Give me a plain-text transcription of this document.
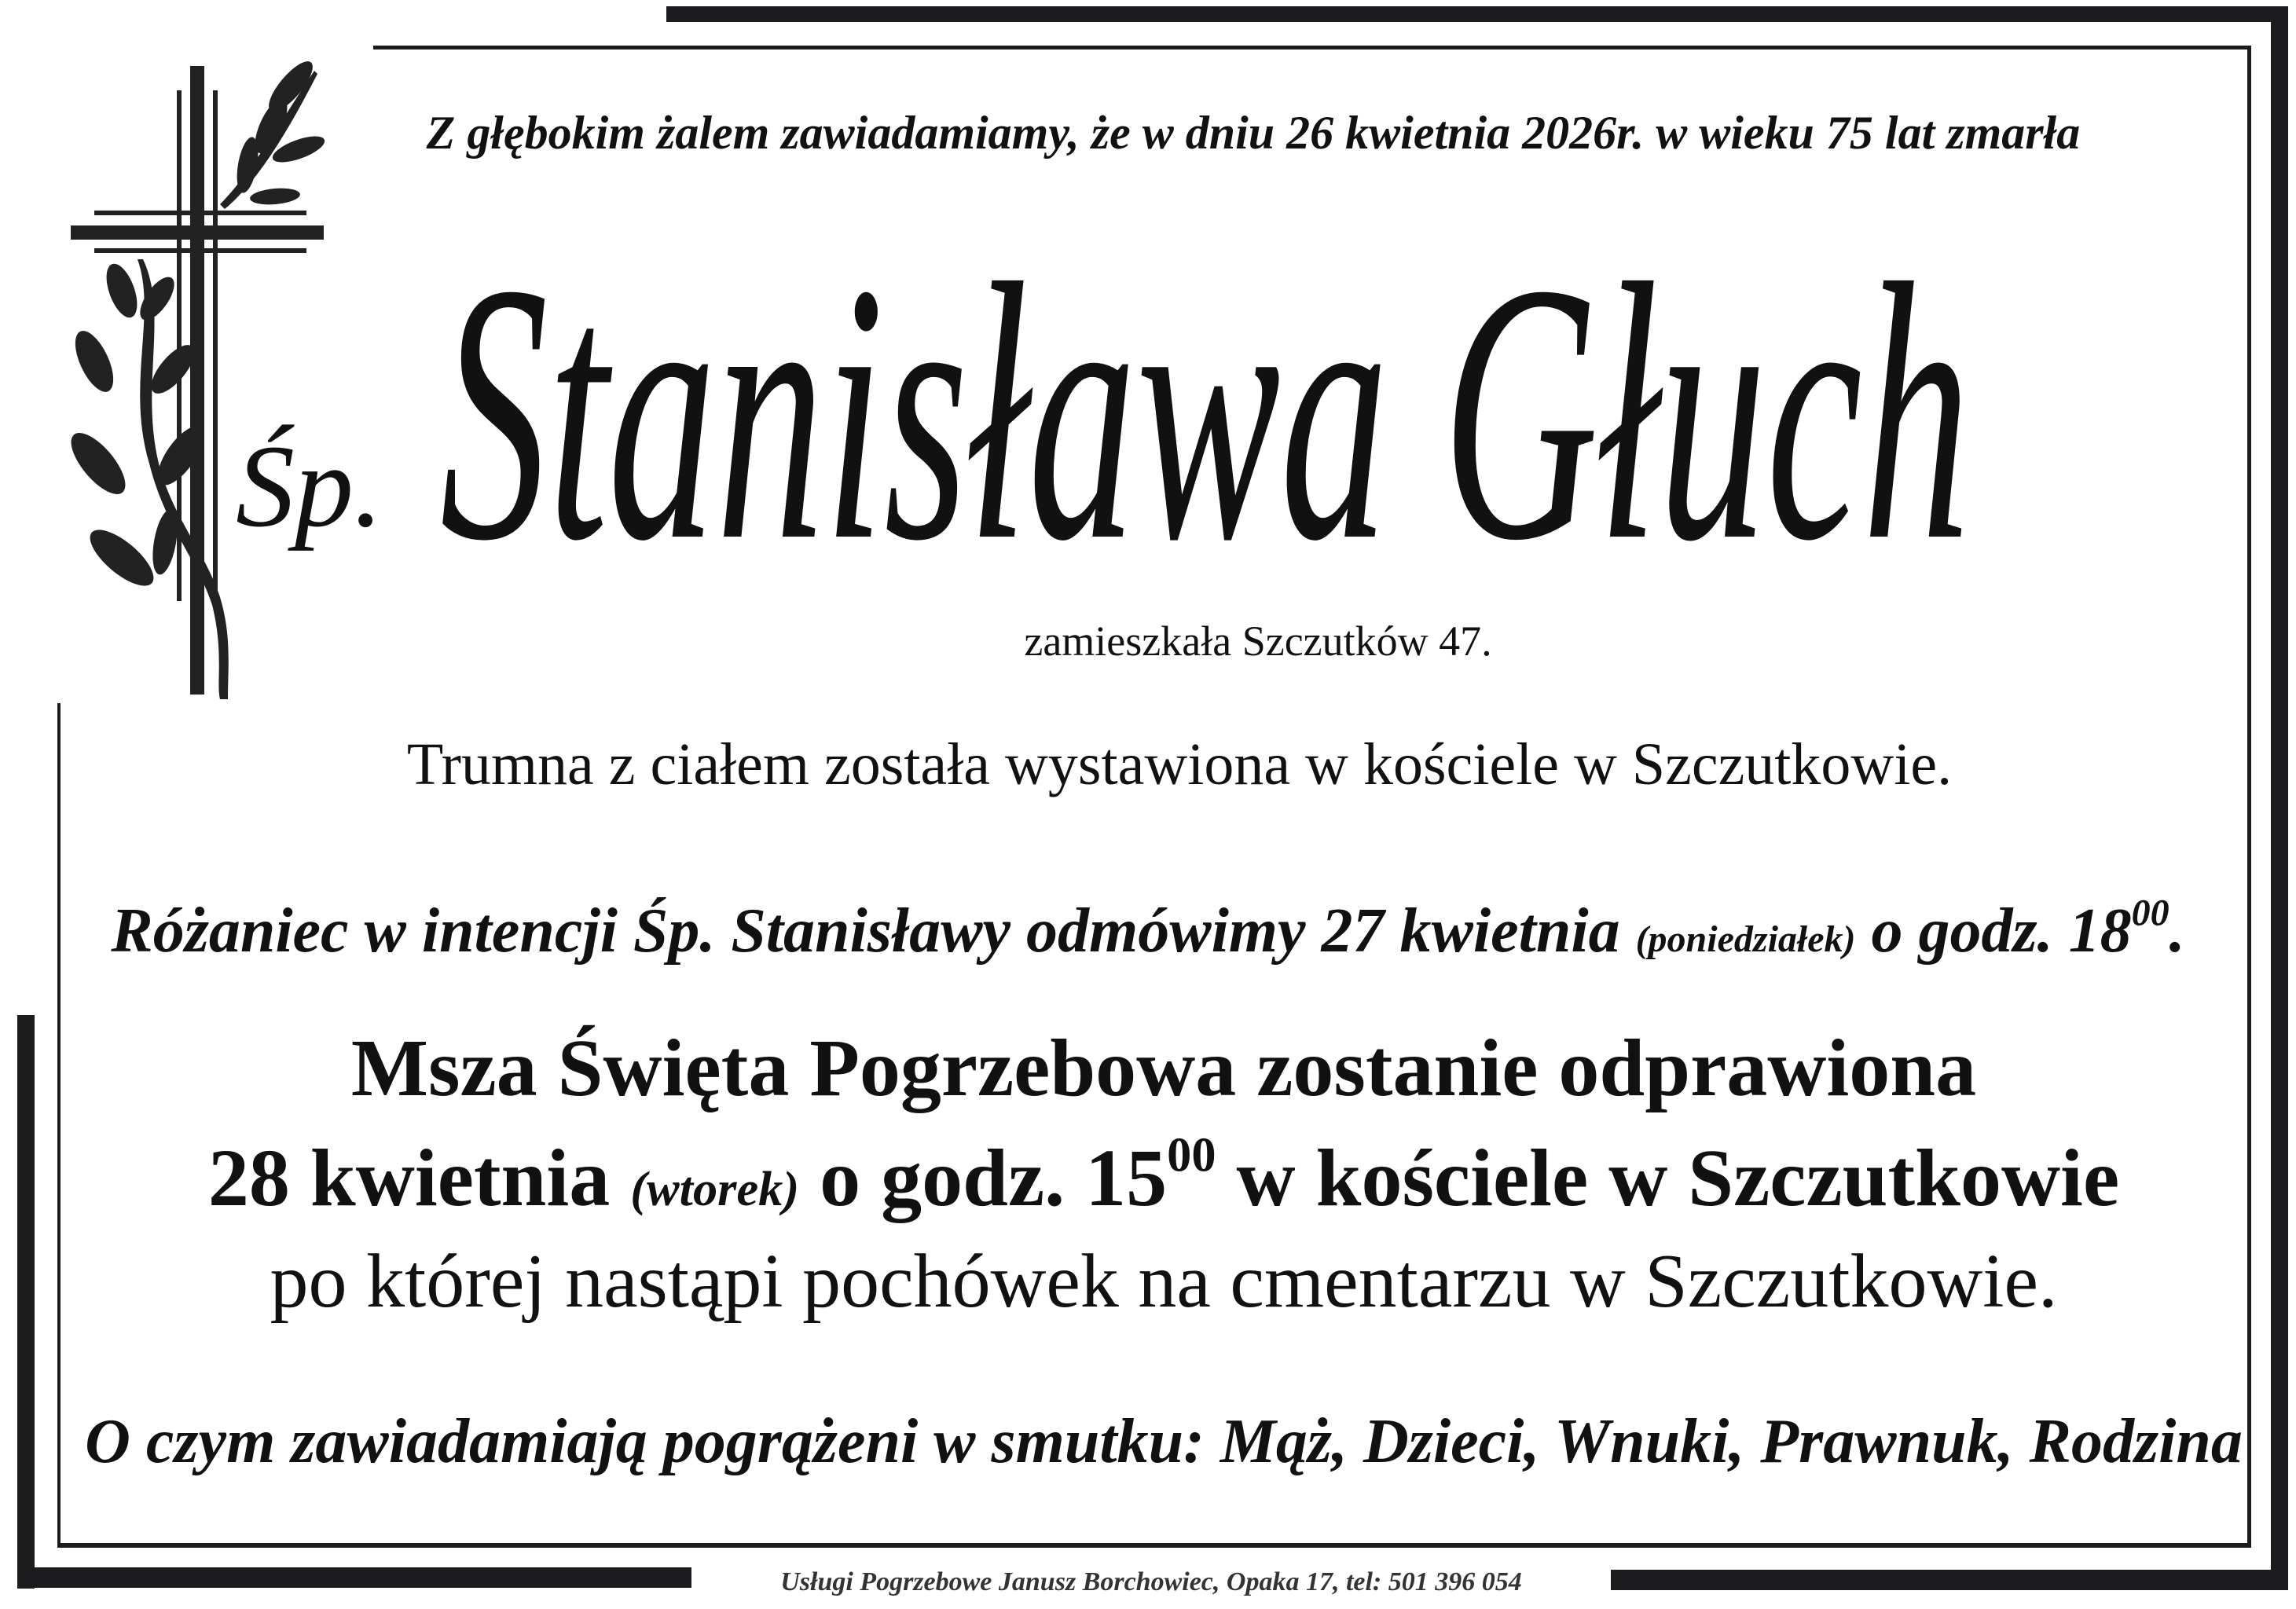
Z głębokim żalem zawiadamiamy, że w dniu 26 kwietnia 2026r. w wieku 75 lat zmarła
Śp. Stanisława Głuch
zamieszkała Szczutków 47.
Trumna z ciałem została wystawiona w kościele w Szczutkowie.
Różaniec w intencji Śp. Stanisławy odmówimy 27 kwietnia (poniedziałek) o godz. $18^{00}$.
Msza Święta Pogrzebowa zostanie odprawiona
28 kwietnia (wtorek) o godz. $15^{00}$ w kościele w Szczutkowie
po której nastąpi pochówek na cmentarzu w Szczutkowie.
O czym zawiadamiają pogrążeni w smutku: Mąż, Dzieci, Wnuki, Prawnuk, Rodzina
Usługi Pogrzebowe Janusz Borchowiec, Opaka 17, tel: 501 396 054
